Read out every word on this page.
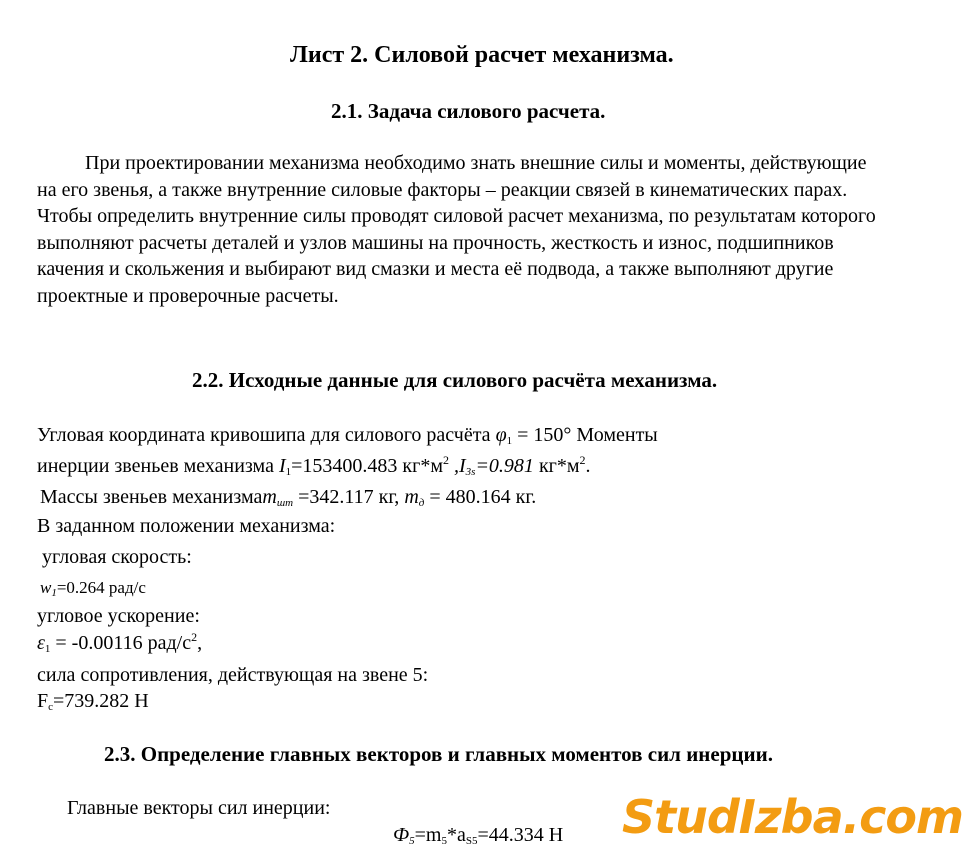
Лист 2. Силовой расчет механизма.
2.1. Задача силового расчета.
При проектировании механизма необходимо знать внешние силы и моменты, действующие на его звенья, а также внутренние силовые факторы – реакции связей в кинематических парах. Чтобы определить внутренние силы проводят силовой расчет механизма, по результатам которого выполняют расчеты деталей и узлов машины на прочность, жесткость и износ, подшипников качения и скольжения и выбирают вид смазки и места её подвода, а также выполняют другие проектные и проверочные расчеты.
2.2. Исходные данные для силового расчёта механизма.
Угловая координата кривошипа для силового расчёта $\varphi_1 = 150^\circ$ Моменты
инерции звеньев механизма $I_1=153400.483$ $кг*м^2$ $,I_{3s}=0.981$ $кг*м^2$.
Массы звеньев механизмаm$_{шт}$ =342.117 кг, $m_д = 480.164$ кг.
В заданном положении механизма:
угловая скорость:
$w_1=0.264$ рад/с
угловое ускорение:
$\varepsilon_1 = -0.00116$ рад/$с^2$,
сила сопротивления, действующая на звене 5:
$F_c=739.282$ Н
2.3. Определение главных векторов и главных моментов сил инерции.
Главные векторы сил инерции:
$Ф_5=m_5*a_{S5}=44.334$ Н StudIzba.com
